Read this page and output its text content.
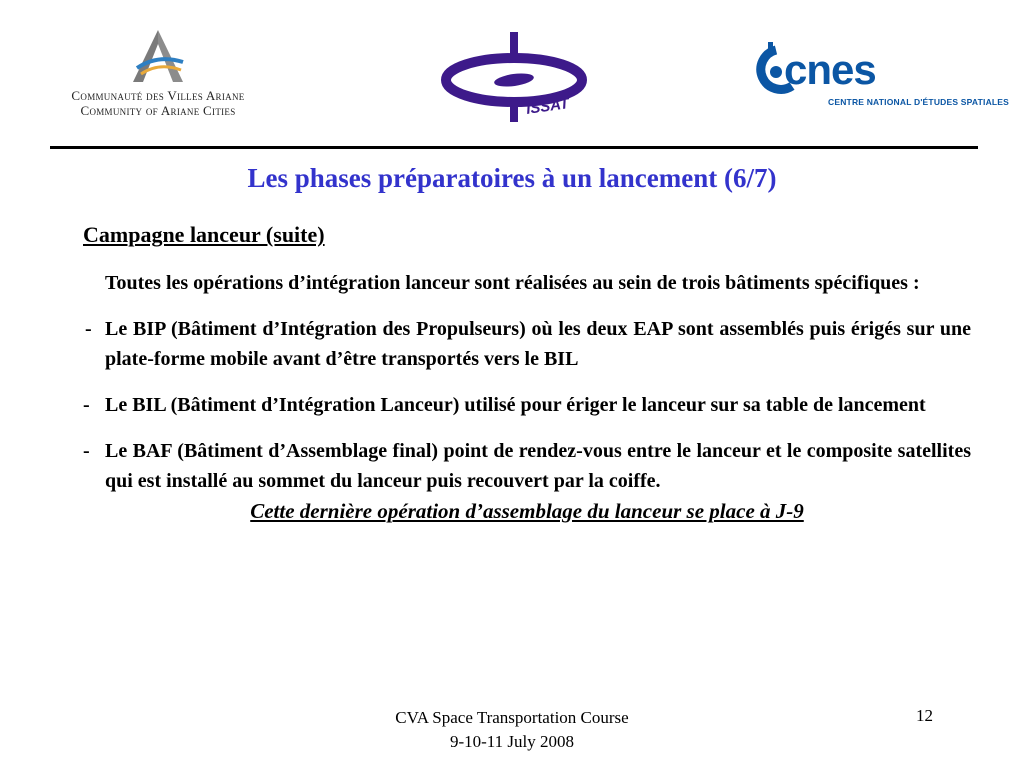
Communauté des Villes Ariane
Community of Ariane Cities	ISSAT
cnes
CENTRE NATIONAL D'ÉTUDES SPATIALES
Les phases préparatoires à un lancement (6/7)
Campagne lanceur (suite)
Toutes les opérations d’intégration lanceur sont réalisées au sein de trois bâtiments spécifiques :
- Le BIP (Bâtiment d’Intégration des Propulseurs) où les deux EAP sont assemblés puis érigés sur une plate-forme mobile avant d’être transportés vers le BIL
- Le BIL (Bâtiment d’Intégration Lanceur) utilisé pour ériger le lanceur sur sa table de lancement
- Le BAF (Bâtiment d’Assemblage final) point de rendez-vous entre le lanceur et le composite satellites qui est installé au sommet du lanceur puis recouvert par la coiffe.
Cette dernière opération d’assemblage du lanceur se place à J-9
CVA Space Transportation Course
9-10-11 July 2008
12
